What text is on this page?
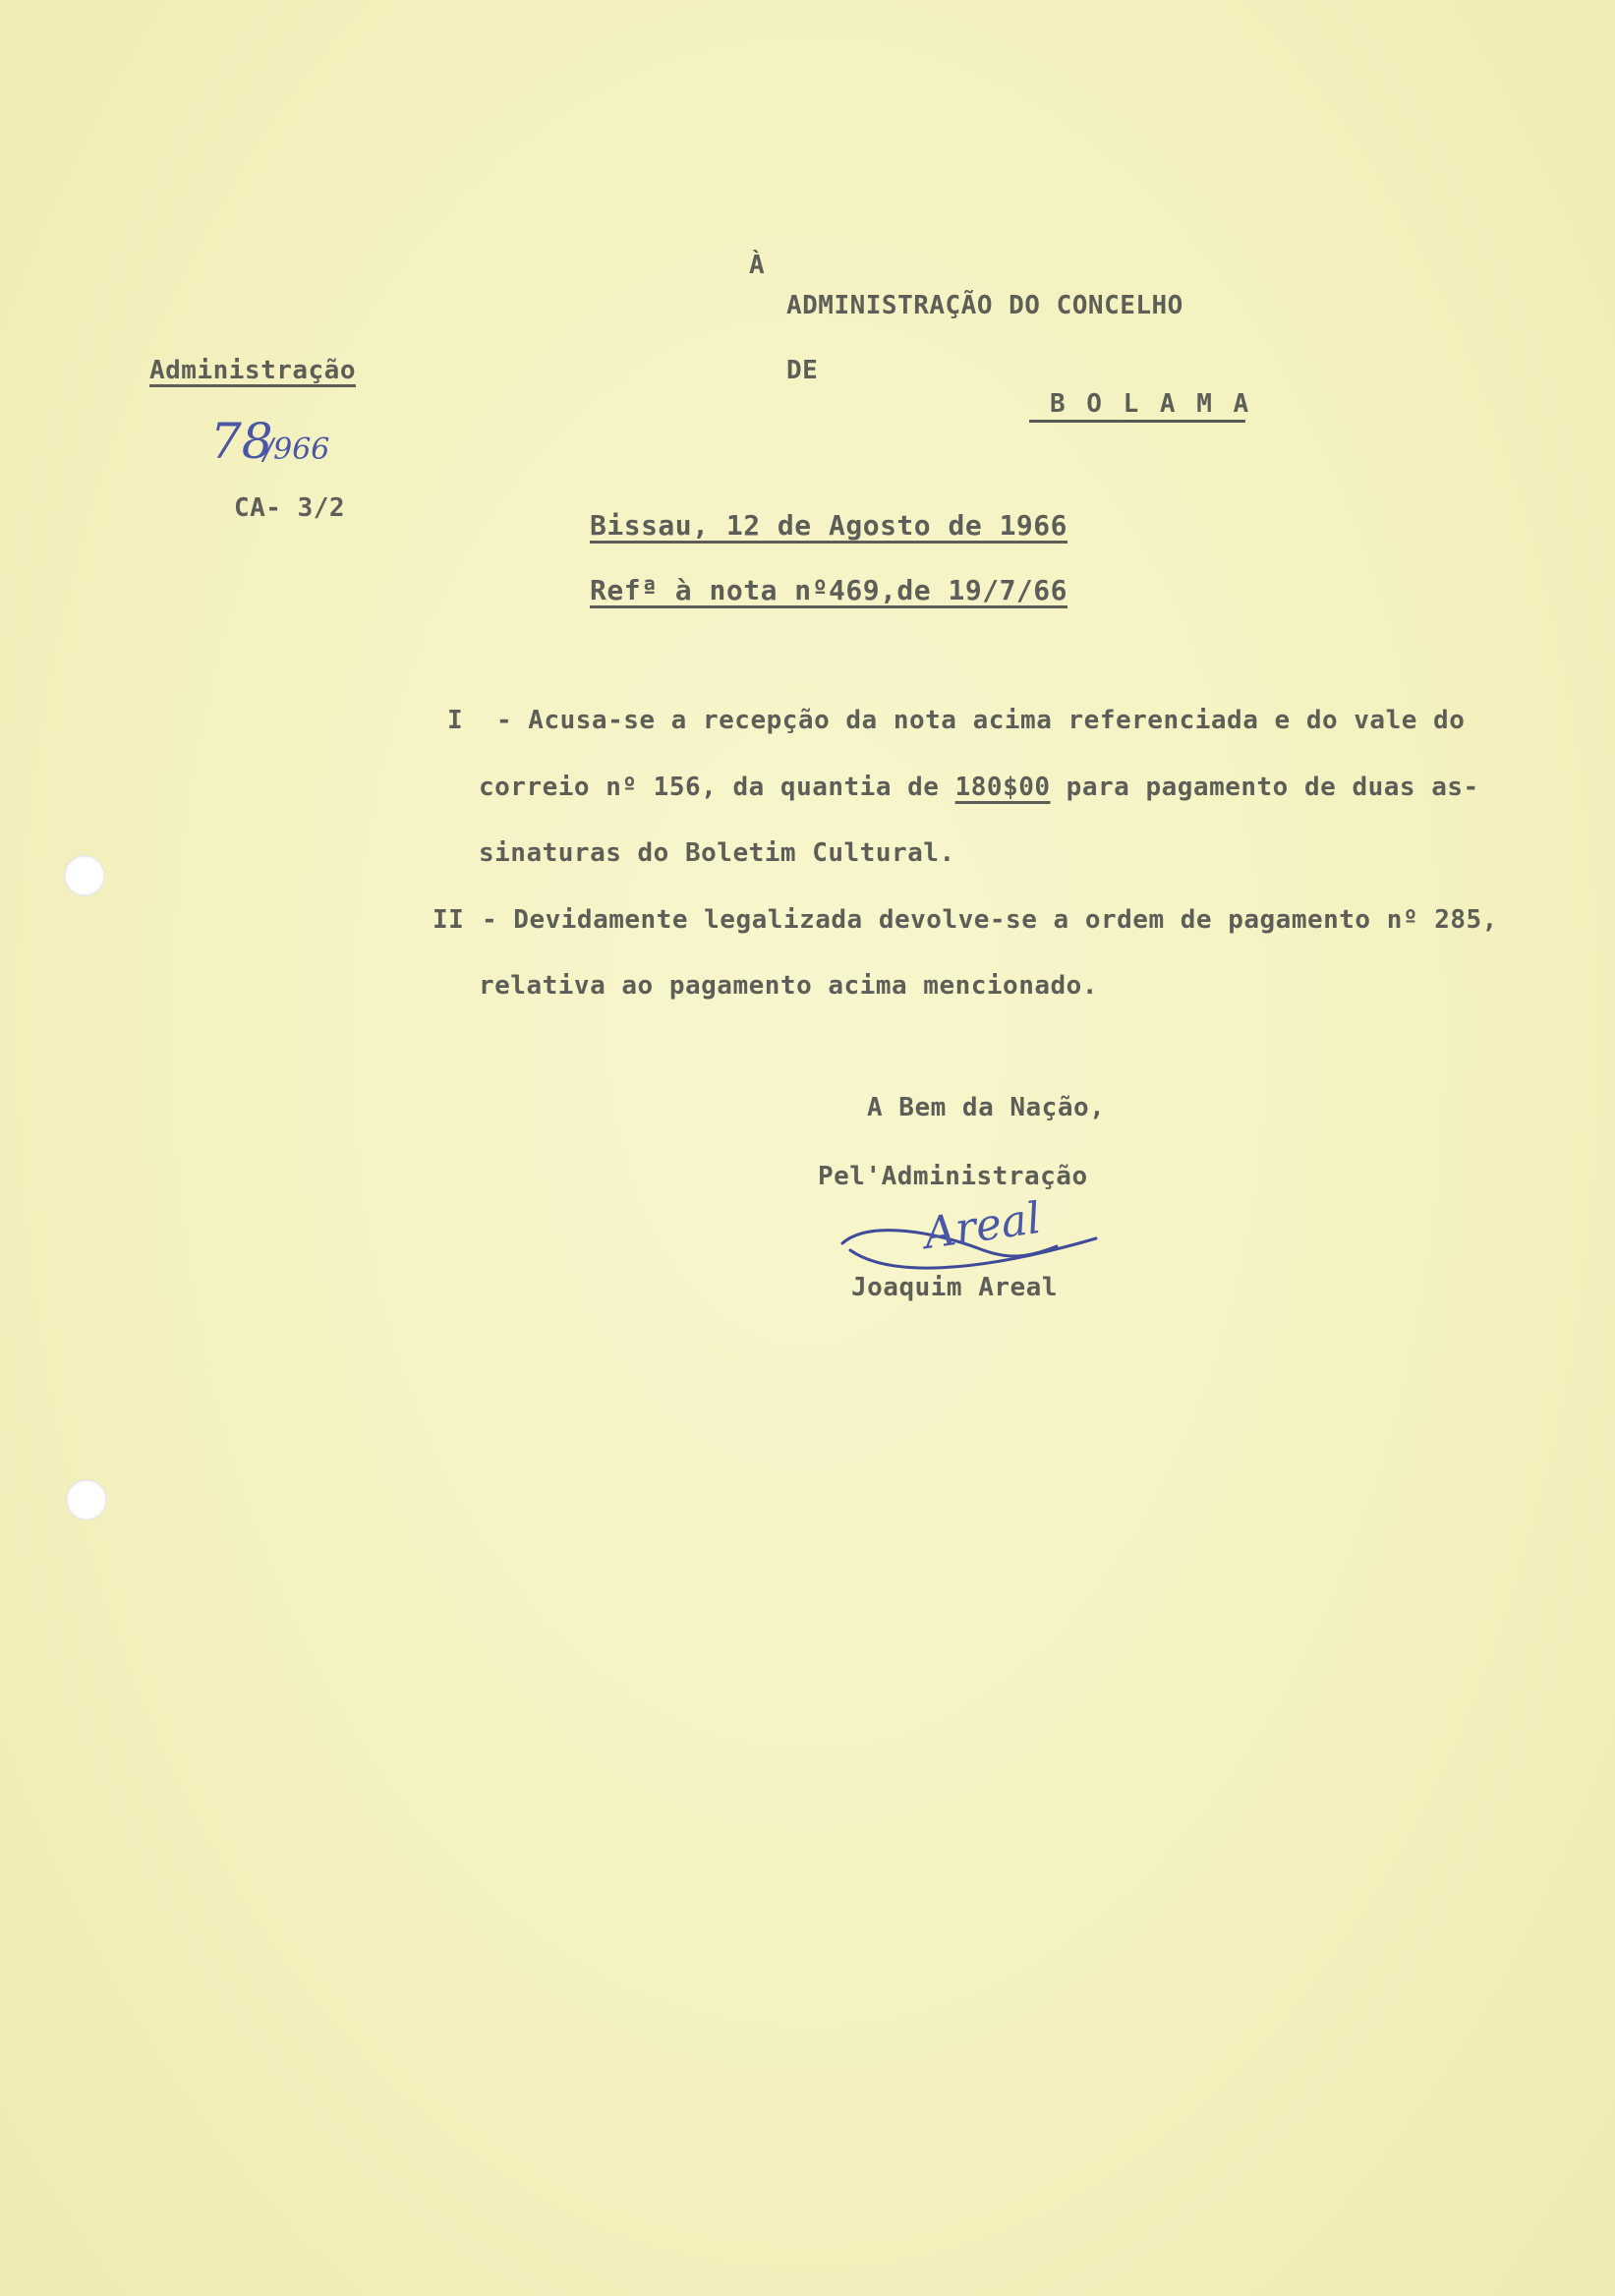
À
ADMINISTRAÇÃO DO CONCELHO
DE
B O L A M A
Administração
78
/966
CA- 3/2
Bissau, 12 de Agosto de 1966
Refª à nota nº469,de 19/7/66
I - Acusa-se a recepção da nota acima referenciada e do vale do
correio nº 156, da quantia de 180$00 para pagamento de duas as-
sinaturas do Boletim Cultural.
II - Devidamente legalizada devolve-se a ordem de pagamento nº 285,
relativa ao pagamento acima mencionado.
A Bem da Nação,
Pel'Administração
Areal
Joaquim Areal
